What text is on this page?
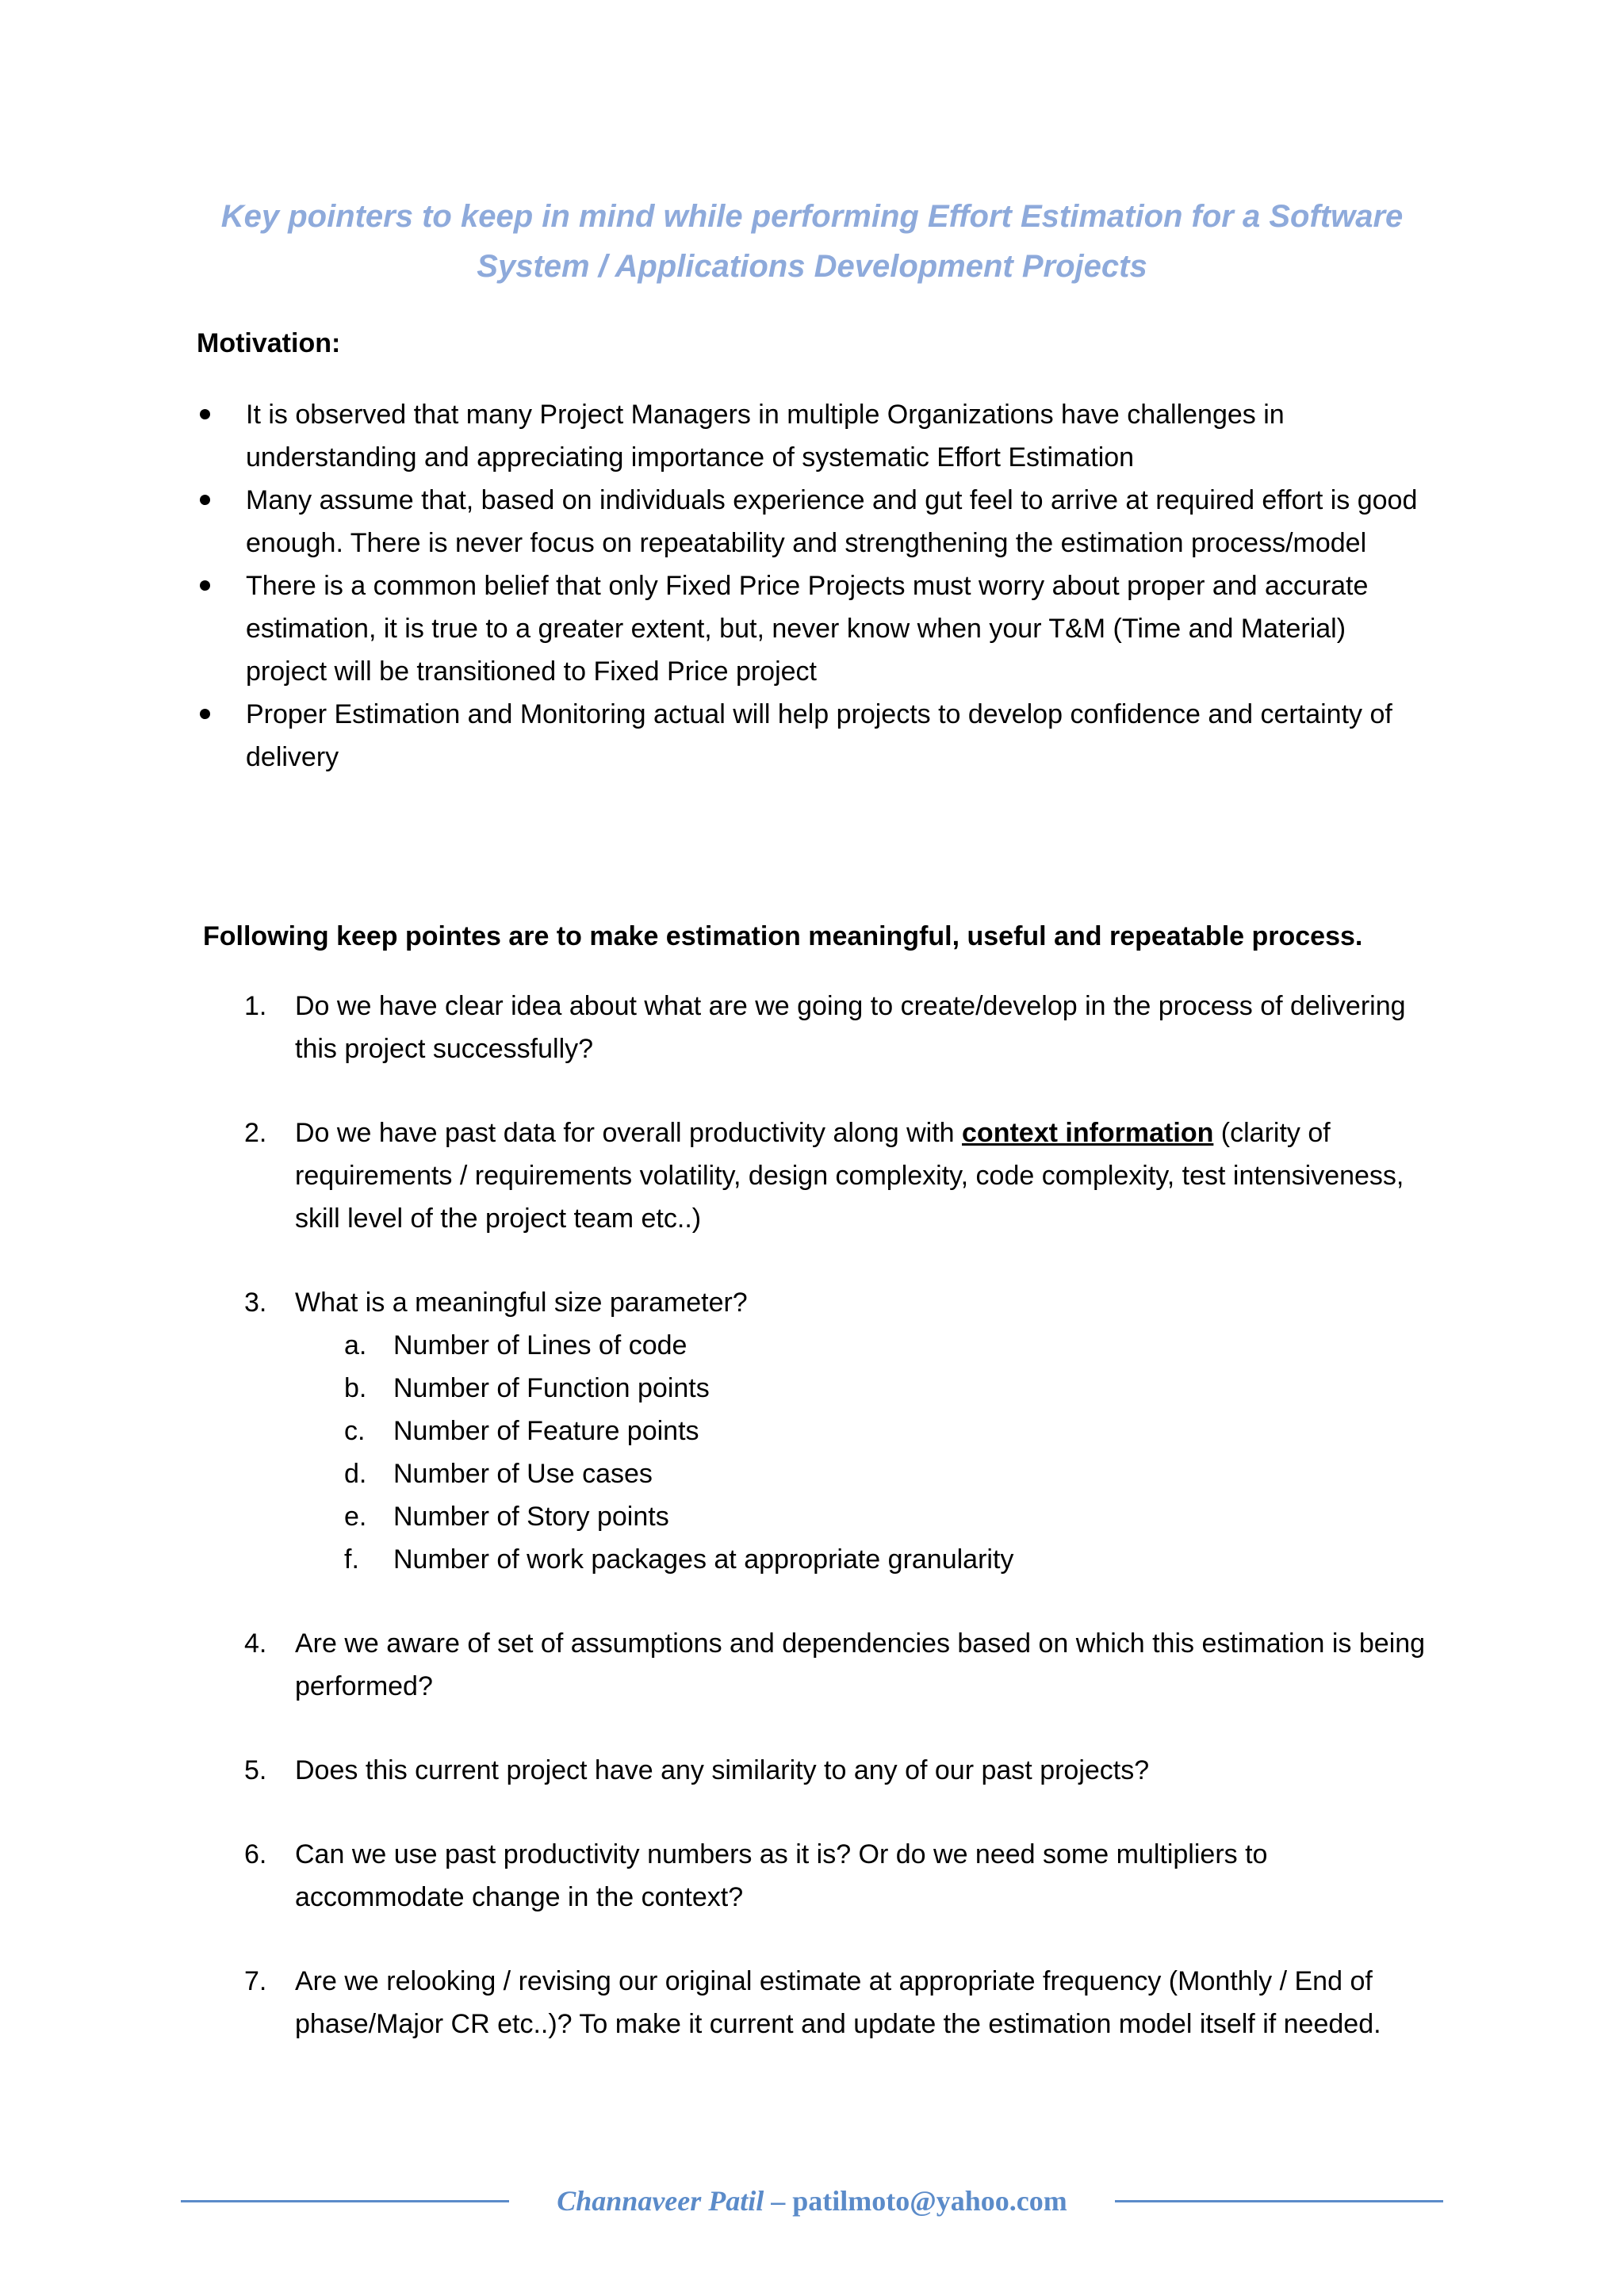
Key pointers to keep in mind while performing Effort Estimation for a Software
System / Applications Development Projects
Motivation:
It is observed that many Project Managers in multiple Organizations have challenges in understanding and appreciating importance of systematic Effort Estimation
Many assume that, based on individuals experience and gut feel to arrive at required effort is good enough. There is never focus on repeatability and strengthening the estimation process/model
There is a common belief that only Fixed Price Projects must worry about proper and accurate estimation, it is true to a greater extent, but, never know when your T&M (Time and Material) project will be transitioned to Fixed Price project
Proper Estimation and Monitoring actual will help projects to develop confidence and certainty of delivery
Following keep pointes are to make estimation meaningful, useful and repeatable process.
1. Do we have clear idea about what are we going to create/develop in the process of delivering this project successfully?
2. Do we have past data for overall productivity along with context information (clarity of requirements / requirements volatility, design complexity, code complexity, test intensiveness, skill level of the project team etc..)
3. What is a meaningful size parameter?
a. Number of Lines of code
b. Number of Function points
c. Number of Feature points
d. Number of Use cases
e. Number of Story points
f. Number of work packages at appropriate granularity
4. Are we aware of set of assumptions and dependencies based on which this estimation is being performed?
5. Does this current project have any similarity to any of our past projects?
6. Can we use past productivity numbers as it is? Or do we need some multipliers to accommodate change in the context?
7. Are we relooking / revising our original estimate at appropriate frequency (Monthly / End of phase/Major CR etc..)? To make it current and update the estimation model itself if needed.
Channaveer Patil – patilmoto@yahoo.com
